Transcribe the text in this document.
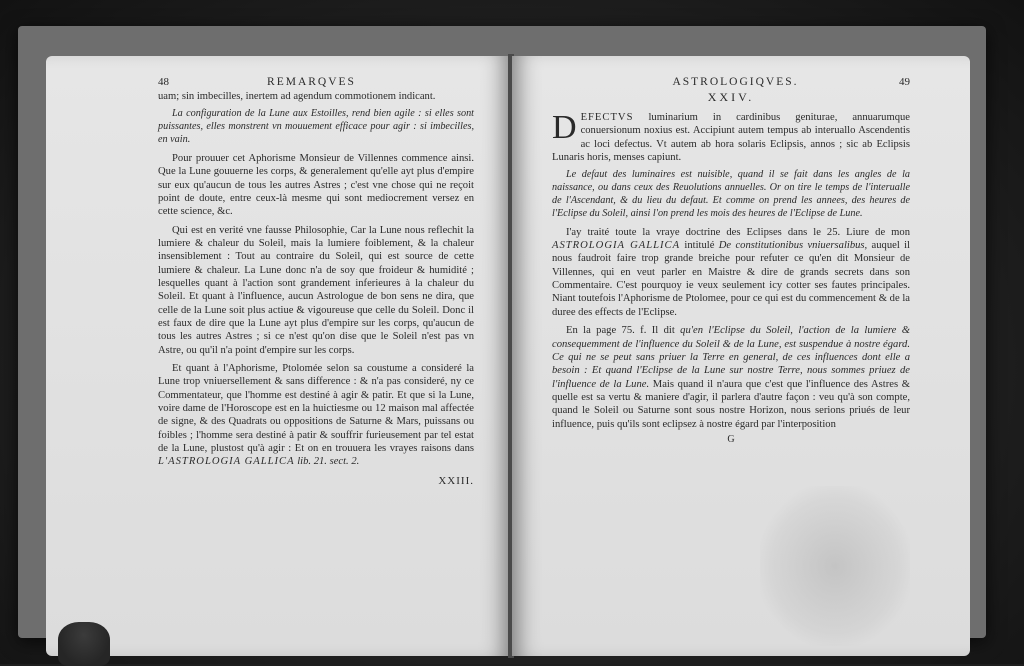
48	REMARQVES

uam; sin imbecilles, inertem ad agendum commotionem indicant.

La configuration de la Lune aux Estoilles, rend bien agile : si elles sont puissantes, elles monstrent vn mouuement efficace pour agir : si imbecilles, en vain.

Pour prouuer cet Aphorisme Monsieur de Villennes commence ainsi. Que la Lune gouuerne les corps, & generalement qu'elle ayt plus d'empire sur eux qu'aucun de tous les autres Astres ; c'est vne chose qui ne reçoit point de doute, entre ceux-là mesme qui sont mediocrement versez en cette science, &c.

Qui est en verité vne fausse Philosophie, Car la Lune nous reflechit la lumiere & chaleur du Soleil, mais la lumiere foiblement, & la chaleur insensiblement : Tout au contraire du Soleil, qui est source de cette lumiere & chaleur. La Lune donc n'a de soy que froideur & humidité ; lesquelles quant à l'action sont grandement inferieures à la chaleur du Soleil. Et quant à l'influence, aucun Astrologue de bon sens ne dira, que celle de la Lune soit plus actiue & vigoureuse que celle du Soleil. Donc il est faux de dire que la Lune ayt plus d'empire sur les corps, qu'aucun de tous les autres Astres ; si ce n'est qu'on dise que le Soleil n'est pas vn Astre, ou qu'il n'a point d'empire sur les corps.

Et quant à l'Aphorisme, Ptolomée selon sa coustume a consideré la Lune trop vniuersellement & sans difference : & n'a pas consideré, ny ce Commentateur, que l'homme est destiné à agir & patir. Et que si la Lune, voire dame de l'Horoscope est en la huictiesme ou 12 maison mal affectée de signe, & des Quadrats ou oppositions de Saturne & Mars, puissans ou foibles ; l'homme sera destiné à patir & souffrir furieusement par tel estat de la Lune, plustost qu'à agir : Et on en trouuera les vrayes raisons dans L'ASTROLOGIA GALLICA lib. 21. sect. 2.

XXIII.
ASTROLOGIQVES.	49
XXIV.

D EFECTVS luminarium in cardinibus geniturae, annuarumque conuersionum noxius est. Accipiunt autem tempus ab interuallo Ascendentis ac loci defectus. Vt autem ab hora solaris Eclipsis, annos ; sic ab Eclipsis Lunaris horis, menses capiunt.

Le defaut des luminaires est nuisible, quand il se fait dans les angles de la naissance, ou dans ceux des Reuolutions annuelles. Or on tire le temps de l'interualle de l'Ascendant, & du lieu du defaut. Et comme on prend les annees, des heures de l'Eclipse du Soleil, ainsi l'on prend les mois des heures de l'Eclipse de Lune.

I'ay traité toute la vraye doctrine des Eclipses dans le 25. Liure de mon ASTROLOGIA GALLICA intitulé De constitutionibus vniuersalibus, auquel il nous faudroit faire trop grande breiche pour refuter ce qu'en dit Monsieur de Villennes, qui en veut parler en Maistre & dire de grands secrets dans son Commentaire. C'est pourquoy ie veux seulement icy cotter ses fautes principales. Niant toutefois l'Aphorisme de Ptolomee, pour ce qui est du commencement & de la duree des effects de l'Eclipse.

En la page 75. f. Il dit qu'en l'Eclipse du Soleil, l'action de la lumiere & consequemment de l'influence du Soleil & de la Lune, est suspendue à nostre égard. Ce qui ne se peut sans priuer la Terre en general, de ces influences dont elle a besoin : Et quand l'Eclipse de la Lune sur nostre Terre, nous sommes priuez de l'influence de la Lune. Mais quand il n'aura que c'est que l'influence des Astres & quelle est sa vertu & maniere d'agir, il parlera d'autre façon : veu qu'à son compte, quand le Soleil ou Saturne sont sous nostre Horizon, nous serions priués de leur influence, puis qu'ils sont eclipsez à nostre égard par l'interposition

G
